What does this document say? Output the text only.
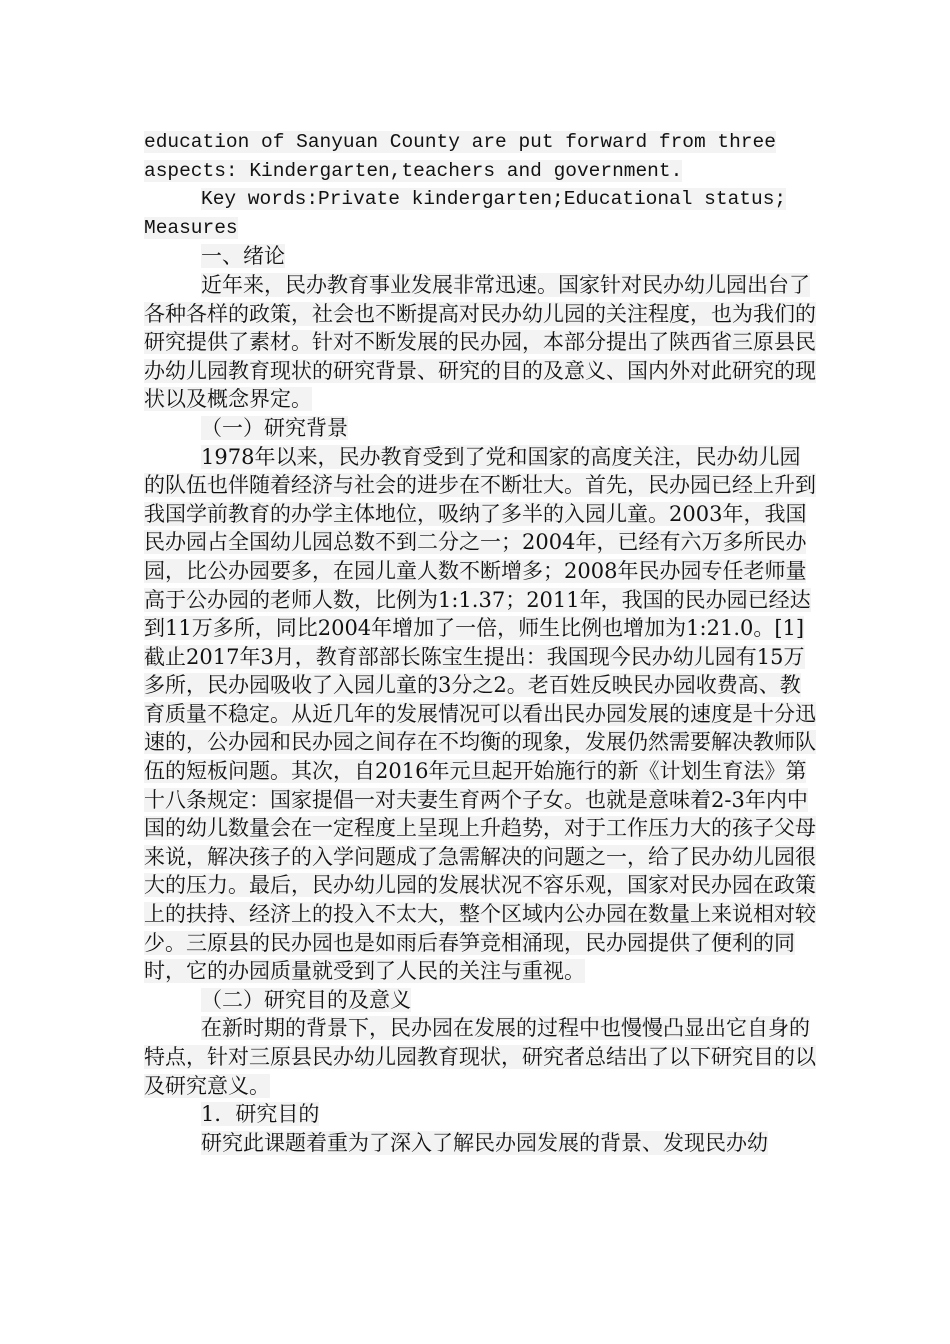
education of Sanyuan County are put forward from three aspects: Kindergarten,teachers and government.

Key words:Private kindergarten;Educational status; Measures

一、绪论

近年来，民办教育事业发展非常迅速。国家针对民办幼儿园出台了各种各样的政策，社会也不断提高对民办幼儿园的关注程度，也为我们的研究提供了素材。针对不断发展的民办园，本部分提出了陕西省三原县民办幼儿园教育现状的研究背景、研究的目的及意义、国内外对此研究的现状以及概念界定。

（一）研究背景

1978年以来，民办教育受到了党和国家的高度关注，民办幼儿园的队伍也伴随着经济与社会的进步在不断壮大。首先，民办园已经上升到我国学前教育的办学主体地位，吸纳了多半的入园儿童。2003年，我国民办园占全国幼儿园总数不到二分之一；2004年，已经有六万多所民办园，比公办园要多，在园儿童人数不断增多；2008年民办园专任老师量高于公办园的老师人数，比例为1:1.37；2011年，我国的民办园已经达到11万多所，同比2004年增加了一倍，师生比例也增加为1:21.0。[1]截止2017年3月，教育部部长陈宝生提出：我国现今民办幼儿园有15万多所，民办园吸收了入园儿童的3分之2。老百姓反映民办园收费高、教育质量不稳定。从近几年的发展情况可以看出民办园发展的速度是十分迅速的，公办园和民办园之间存在不均衡的现象，发展仍然需要解决教师队伍的短板问题。其次，自2016年元旦起开始施行的新《计划生育法》第十八条规定：国家提倡一对夫妻生育两个子女。也就是意味着2-3年内中国的幼儿数量会在一定程度上呈现上升趋势，对于工作压力大的孩子父母来说，解决孩子的入学问题成了急需解决的问题之一，给了民办幼儿园很大的压力。最后，民办幼儿园的发展状况不容乐观，国家对民办园在政策上的扶持、经济上的投入不太大，整个区域内公办园在数量上来说相对较少。三原县的民办园也是如雨后春笋竞相涌现，民办园提供了便利的同时，它的办园质量就受到了人民的关注与重视。

（二）研究目的及意义

在新时期的背景下，民办园在发展的过程中也慢慢凸显出它自身的特点，针对三原县民办幼儿园教育现状，研究者总结出了以下研究目的以及研究意义。

1．研究目的

研究此课题着重为了深入了解民办园发展的背景、发现民办幼
